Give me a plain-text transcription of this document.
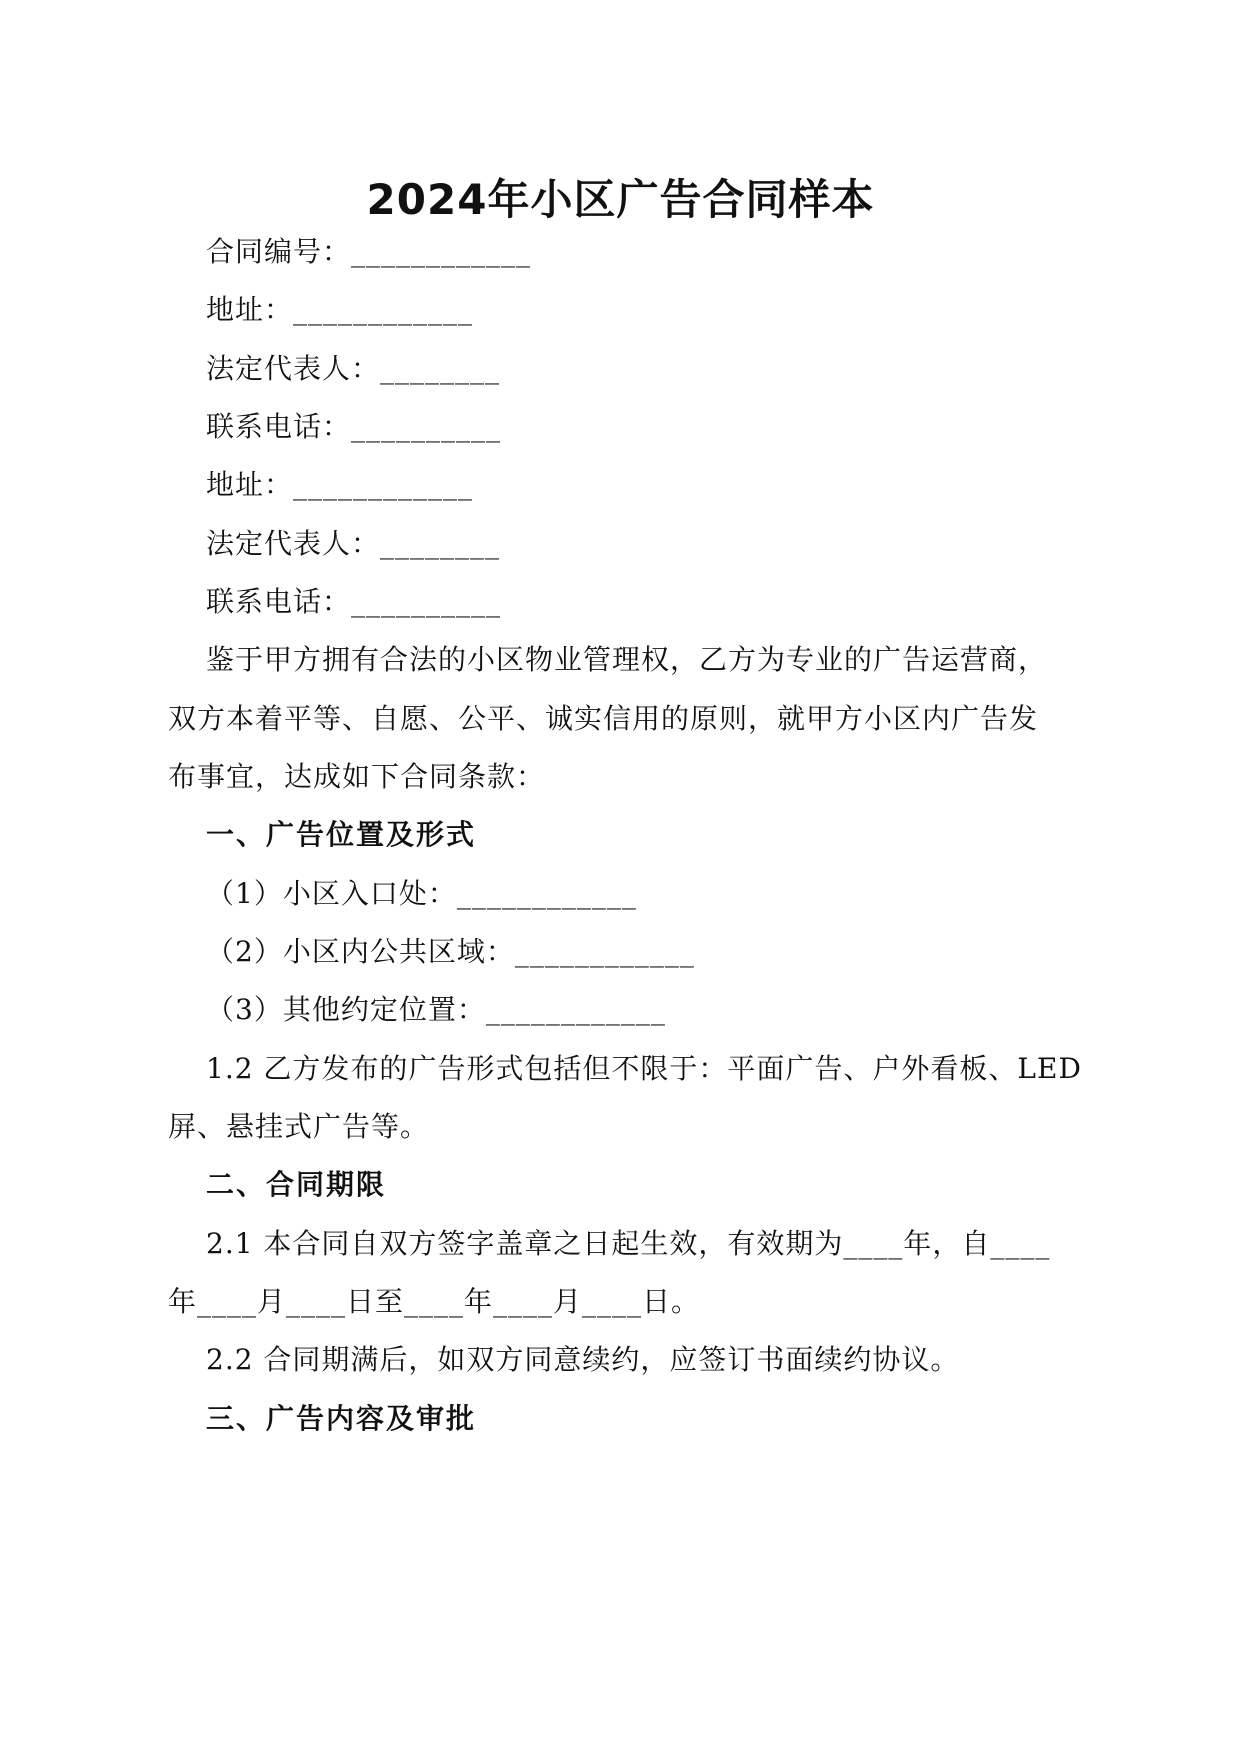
2024年小区广告合同样本
合同编号：____________
地址：____________
法定代表人：________
联系电话：__________
地址：____________
法定代表人：________
联系电话：__________
鉴于甲方拥有合法的小区物业管理权，乙方为专业的广告运营商，
双方本着平等、自愿、公平、诚实信用的原则，就甲方小区内广告发
布事宜，达成如下合同条款：
一、广告位置及形式
（1）小区入口处：____________
（2）小区内公共区域：____________
（3）其他约定位置：____________
1.2 乙方发布的广告形式包括但不限于：平面广告、户外看板、LED
屏、悬挂式广告等。
二、合同期限
2.1 本合同自双方签字盖章之日起生效，有效期为____年，自____
年____月____日至____年____月____日。
2.2 合同期满后，如双方同意续约，应签订书面续约协议。
三、广告内容及审批
